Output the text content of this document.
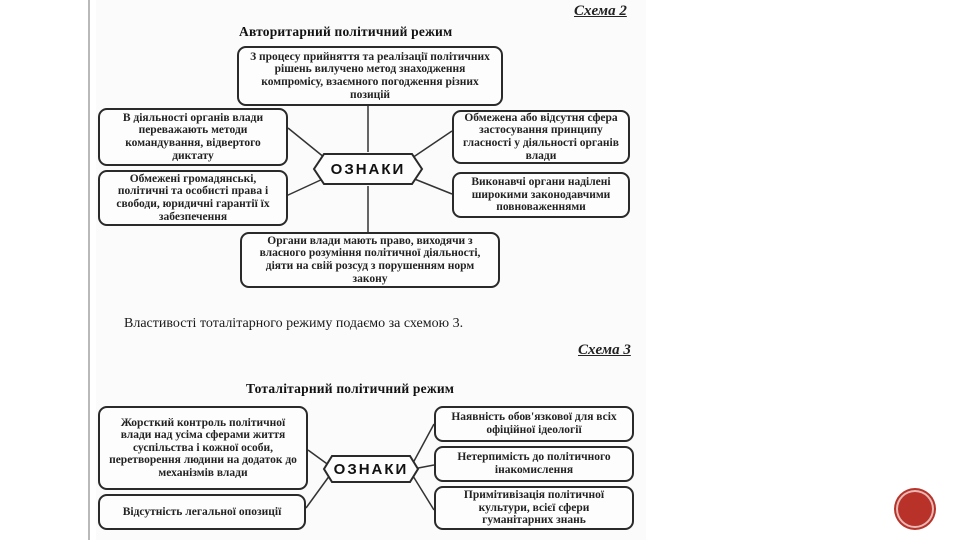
Схема 2
Авторитарний політичний режим
З процесу прийняття та реалізації політичних рішень вилучено метод знаходження компромісу, взаємного погодження різних позицій
В діяльності органів влади переважають методи командування, відвертого диктату
Обмежені громадянські, політичні та особисті права і свободи, юридичні гарантії їх забезпечення
Обмежена або відсутня сфера застосування принципу гласності у діяльності органів влади
Виконавчі органи наділені широкими законодавчими повноваженнями
Органи влади мають право, виходячи з власного розуміння політичної діяльності, діяти на свій розсуд з порушенням норм закону
ОЗНАКИ
Властивості тоталітарного режиму подаємо за схемою 3.
Схема 3
Тоталітарний політичний режим
Жорсткий контроль політичної влади над усіма сферами життя суспільства і кожної особи, перетворення людини на додаток до механізмів влади
Відсутність легальної опозиції
Наявність обов'язкової для всіх офіційної ідеології
Нетерпимість до політичного інакомислення
Примітивізація політичної культури, всієї сфери гуманітарних знань
ОЗНАКИ
